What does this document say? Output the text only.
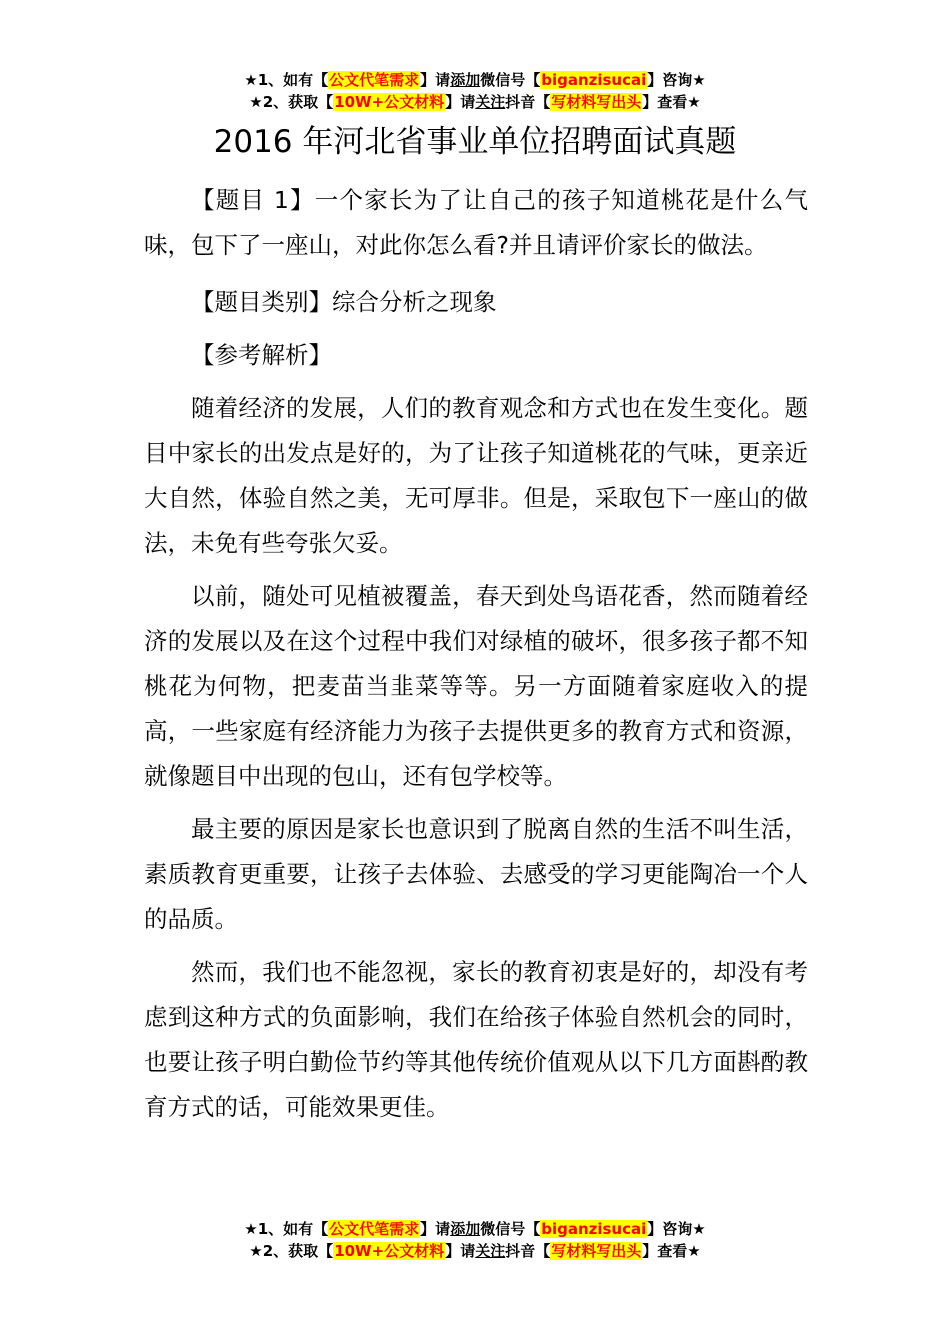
★1、如有【公文代笔需求】请添加微信号【biganzisucai】咨询★
★2、获取【10W+公文材料】请关注抖音【写材料写出头】查看★
2016 年河北省事业单位招聘面试真题

【题目 1】一个家长为了让自己的孩子知道桃花是什么气味，包下了一座山，对此你怎么看?并且请评价家长的做法。

【题目类别】综合分析之现象

【参考解析】

随着经济的发展，人们的教育观念和方式也在发生变化。题目中家长的出发点是好的，为了让孩子知道桃花的气味，更亲近大自然，体验自然之美，无可厚非。但是，采取包下一座山的做法，未免有些夸张欠妥。

以前，随处可见植被覆盖，春天到处鸟语花香，然而随着经济的发展以及在这个过程中我们对绿植的破坏，很多孩子都不知桃花为何物，把麦苗当韭菜等等。另一方面随着家庭收入的提高，一些家庭有经济能力为孩子去提供更多的教育方式和资源，就像题目中出现的包山，还有包学校等。

最主要的原因是家长也意识到了脱离自然的生活不叫生活，素质教育更重要，让孩子去体验、去感受的学习更能陶冶一个人的品质。

然而，我们也不能忽视，家长的教育初衷是好的，却没有考虑到这种方式的负面影响，我们在给孩子体验自然机会的同时，也要让孩子明白勤俭节约等其他传统价值观从以下几方面斟酌教育方式的话，可能效果更佳。

★1、如有【公文代笔需求】请添加微信号【biganzisucai】咨询★
★2、获取【10W+公文材料】请关注抖音【写材料写出头】查看★
